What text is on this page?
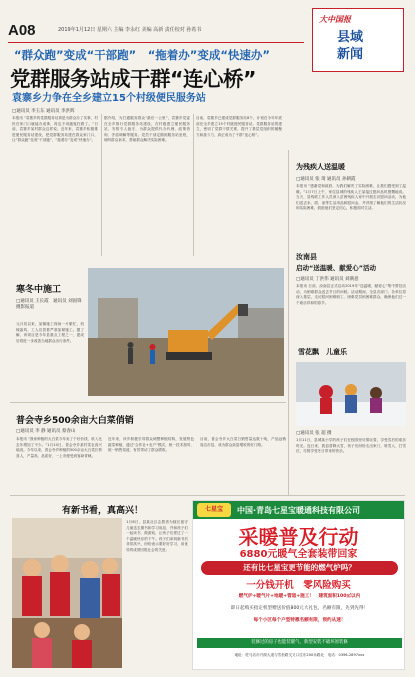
A08	2019年1月12日 星期六 主编 李永红 美编 高新 责任校对 孙希书
大中国报
县域
新闻
“群众跑”变成“干部跑”　“拖着办”变成“快速办”
党群服务站成干群“连心桥”
袁寨乡力争在全乡建立15个村级便民服务站
□通讯员 李玉东 通讯员 李洪辉
本报讯 “袁寨乡的党群服务站真是为群众办了实事，村民在家门口就能办成事，再也不用跑冤枉路了。”日前，袁寨乡某村群众这样说。近年来，袁寨乡积极推进便民服务站建设，把党群服务站建在群众家门口，让“群众跑”变成“干部跑”，“拖着办”变成“快速办”。
据介绍，为打通服务群众“最后一公里”，袁寨乡党委在全乡推行党群服务站建设，在村级建立便民服务站，安排专人值守，为群众提供代办代理、政策咨询、矛盾调解等服务。党员干部定期到服务站坐班，倾听群众诉求，帮助群众解决实际困难。
目前，袁寨乡已建成党群服务站8个，计划在今年年底前在全乡建立15个村级便民服务站。党群服务站的建立，密切了党群干群关系，提升了基层党组织的凝聚力和战斗力，真正成为了干群“连心桥”。
为残疾人送温暖
□通讯员 张 琦 通讯员 孙朝霞
本报讯 “感谢党和政府，为我们解决了实际困难，让我们感受到了温暖。”1月7日上午，家住县城的残疾人王某接过慰问品时感慨地说。当天，县残联工作人员深入贫困残疾人家中开展走访慰问活动，为他们送去米、面、油等生活用品和慰问金，并详细了解他们的生活状况和实际困难，鼓励他们坚定信心，积极面对生活。
汝南县
启动“送温暖、献爱心”活动
□通讯员 丁洪伟 通讯员 刘满意
本报讯 日前，汝南县正式启动2019年“送温暖、献爱心”集中帮扶活动，为困难群众送去节日的问候。活动期间，全县各部门、各单位将深入基层，走访慰问困难职工、困难党员和困难群众，确保他们过一个欢乐祥和的春节。
雪花飘　儿童乐
□通讯员 张 超 摄
1月11日，县城某小学的孩子们在校园里尽情玩耍，享受雪后的欢乐时光。连日来，我县普降大雪，孩子们纷纷走出家门，堆雪人、打雪仗，尽情享受冬日带来的快乐。
寒冬中施工
□通讯员 王长霞　通讯员 刘国锋 摄影报道
元月初以来，某镇施工现场一片繁忙，机械轰鸣，工人们冒着严寒加紧施工。据了解，该项目是今年县重点工程之一，建成后将进一步改善当地群众出行条件。
普会寺乡500余亩大白菜俏销
□通讯员 李 静 通讯员 蔡春山
本报讯 “我家种植的大白菜今年卖了个好价钱，收入比去年增加了不少。”1月10日，普会寺乡某村菜农高兴地说。今年以来，普会寺乡种植的500余亩大白菜长势喜人，产量高、品质好，一上市便受到客商青睐。
近年来，该乡积极引导群众调整种植结构，发展特色蔬菜种植，通过“合作社+农户”模式，统一技术指导、统一销售渠道，有效带动了群众增收。
目前，普会寺乡大白菜日销售量达数十吨，产品远销周边市县，成为群众致富增收的好门路。
有新书看，真高兴！
1月8日，县某社区志愿者为辖区留守儿童送去图书和学习用品，并和孩子们一起读书、做游戏，让孩子们度过了一个温暖快乐的下午。孩子们拿到新书后非常高兴，纷纷表示要好好学习，用优异的成绩回报社会的关爱。
七星宝	中国·青岛七星宝暖通科技有限公司
采暖普及行动
6880元暖气全套装带回家
还有比七星宝更节能的燃气炉吗？
一分钱开机　零风险购买
燃气炉+暖气片+地暖+管道+施工！　建筑面积100㎡以内
即日起购买指定机型赠送价值800元大礼包，名额有限，先到先得！
每个小区每个户型特惠名额有限，预约从速！
装修过的房子也能装暖气，新型安装不破坏原装修
地址：驻马店市开源大道与雪松路交叉口往东200米路北　电话：0396-2897xxx
